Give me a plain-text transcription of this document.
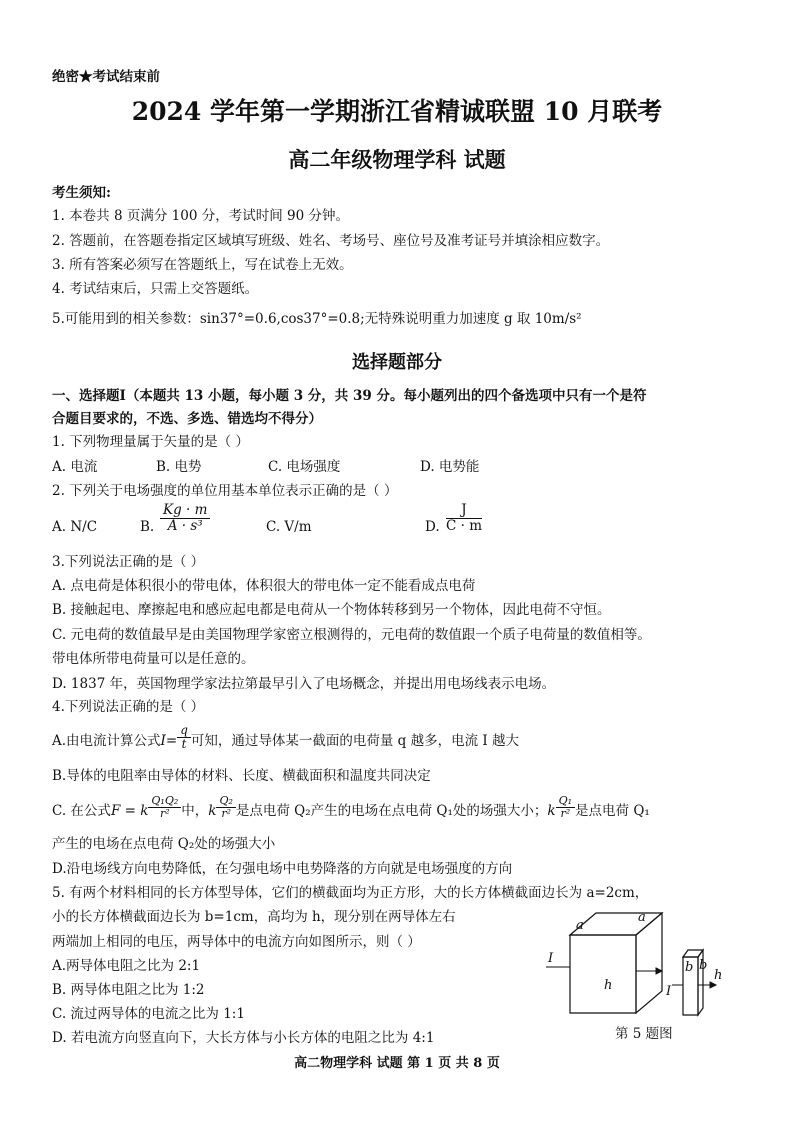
绝密★考试结束前
2024 学年第一学期浙江省精诚联盟 10 月联考
高二年级物理学科 试题
考生须知:
1. 本卷共 8 页满分 100 分，考试时间 90 分钟。
2. 答题前，在答题卷指定区域填写班级、姓名、考场号、座位号及准考证号并填涂相应数字。
3. 所有答案必须写在答题纸上，写在试卷上无效。
4. 考试结束后，只需上交答题纸。
5.可能用到的相关参数：sin37°=0.6,cos37°=0.8;无特殊说明重力加速度 g 取 10m/s²
选择题部分
一、选择题Ⅰ（本题共 13 小题，每小题 3 分，共 39 分。每小题列出的四个备选项中只有一个是符
合题目要求的，不选、多选、错选均不得分）
1. 下列物理量属于矢量的是（ ）
A. 电流	B. 电势	C. 电场强度	D. 电势能
2. 下列关于电场强度的单位用基本单位表示正确的是（ ）
A. N/C	B. $\frac{Kg \cdot m}{\text{A · s³}}$	C. V/m	D. $\frac{J}{C \cdot m}$
3.下列说法正确的是（ ）
A. 点电荷是体积很小的带电体，体积很大的带电体一定不能看成点电荷
B. 接触起电、摩擦起电和感应起电都是电荷从一个物体转移到另一个物体，因此电荷不守恒。
C. 元电荷的数值最早是由美国物理学家密立根测得的，元电荷的数值跟一个质子电荷量的数值相等。
带电体所带电荷量可以是任意的。
D. 1837 年，英国物理学家法拉第最早引入了电场概念，并提出用电场线表示电场。
4.下列说法正确的是（ ）
A.由电流计算公式$I= \frac{q}{t}$ 可知，通过导体某一截面的电荷量 q 越多，电流 I 越大
B.导体的电阻率由导体的材料、长度、横截面积和温度共同决定
C. 在公式F = k $\frac{\text{Q₁Q₂}}{\text{r²}}$ 中，k $\frac{\text{Q₂}}{\text{r²}}$ 是点电荷 Q₂产生的电场在点电荷 Q₁处的场强大小；k $\frac{\text{Q₁}}{\text{r²}}$ 是点电荷 Q₁
产生的电场在点电荷 Q₂处的场强大小
D.沿电场线方向电势降低，在匀强电场中电势降落的方向就是电场强度的方向
5. 有两个材料相同的长方体型导体，它们的横截面均为正方形，大的长方体横截面边长为 a=2cm，
小的长方体横截面边长为 b=1cm，高均为 h，现分别在两导体左右
两端加上相同的电压，两导体中的电流方向如图所示，则（ ）
A.两导体电阻之比为 2:1
B. 两导体电阻之比为 1:2
C. 流过两导体的电流之比为 1:1
D. 若电流方向竖直向下，大长方体与小长方体的电阻之比为 4:1
a
a
I
h	I
b b
h
第 5 题图
高二物理学科 试题 第 1 页 共 8 页
